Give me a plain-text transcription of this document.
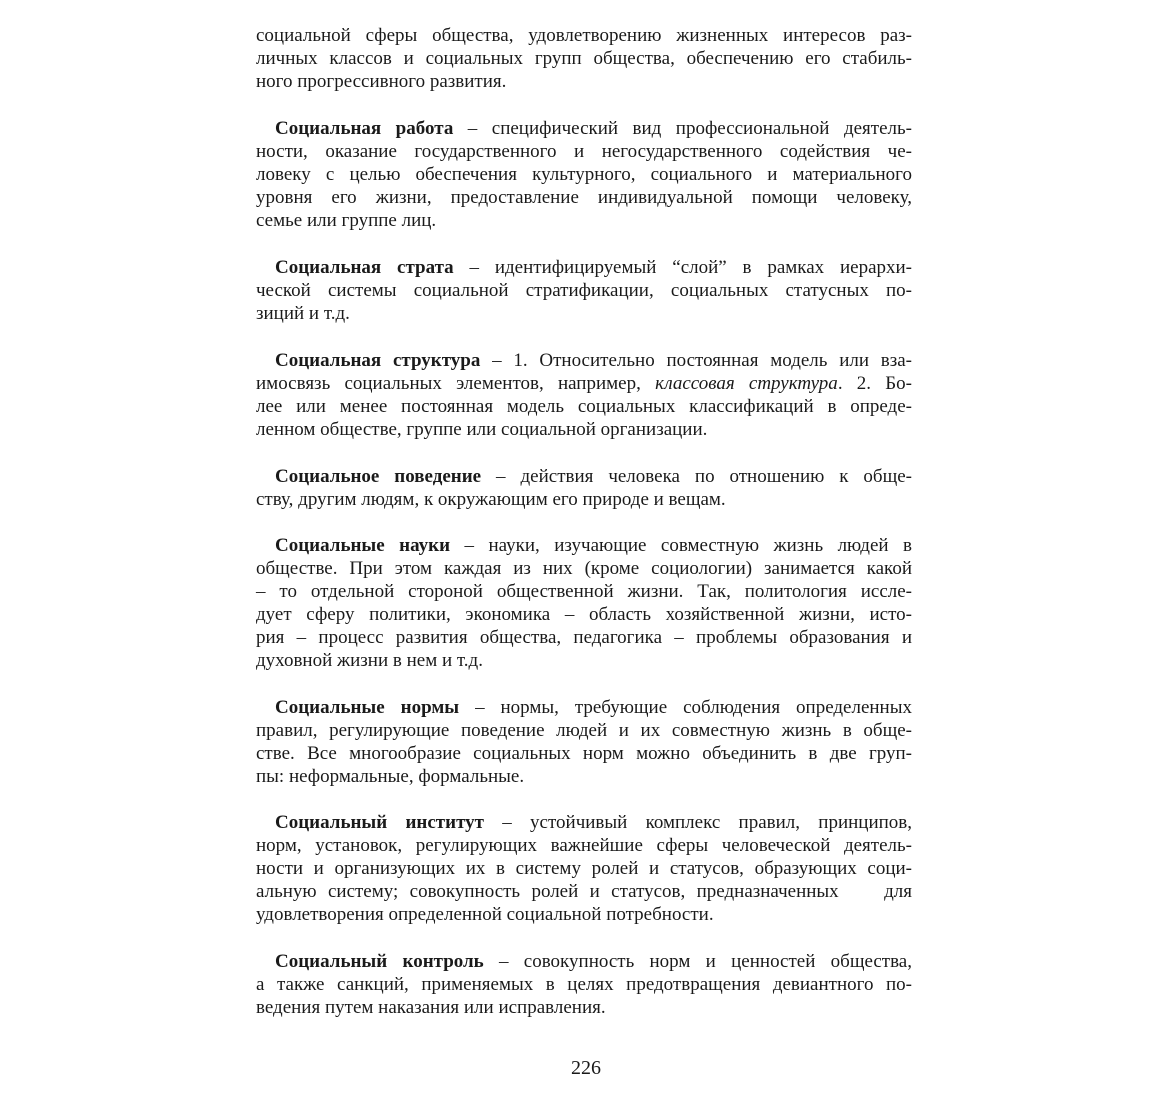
социальной сферы общества, удовлетворению жизненных интересов раз-
личных классов и социальных групп общества, обеспечению его стабиль-
ного прогрессивного развития.
Социальная работа – специфический вид профессиональной деятель-
ности, оказание государственного и негосударственного содействия че-
ловеку с целью обеспечения культурного, социального и материального
уровня его жизни, предоставление индивидуальной помощи человеку,
семье или группе лиц.
Социальная страта – идентифицируемый “слой” в рамках иерархи-
ческой системы социальной стратификации, социальных статусных по-
зиций и т.д.
Социальная структура – 1. Относительно постоянная модель или вза-
имосвязь социальных элементов, например, классовая структура. 2. Бо-
лее или менее постоянная модель социальных классификаций в опреде-
ленном обществе, группе или социальной организации.
Социальное поведение – действия человека по отношению к обще-
ству, другим людям, к окружающим его природе и вещам.
Социальные науки – науки, изучающие совместную жизнь людей в
обществе. При этом каждая из них (кроме социологии) занимается какой
– то отдельной стороной общественной жизни. Так, политология иссле-
дует сферу политики, экономика – область хозяйственной жизни, исто-
рия – процесс развития общества, педагогика – проблемы образования и
духовной жизни в нем и т.д.
Социальные нормы – нормы, требующие соблюдения определенных
правил, регулирующие поведение людей и их совместную жизнь в обще-
стве. Все многообразие социальных норм можно объединить в две груп-
пы: неформальные, формальные.
Социальный институт – устойчивый комплекс правил, принципов,
норм, установок, регулирующих важнейшие сферы человеческой деятель-
ности и организующих их в систему ролей и статусов, образующих соци-
альную систему; совокупность ролей и статусов, предназначенных    для
удовлетворения определенной социальной потребности.
Социальный контроль – совокупность норм и ценностей общества,
а также санкций, применяемых в целях предотвращения девиантного по-
ведения путем наказания или исправления.
226
